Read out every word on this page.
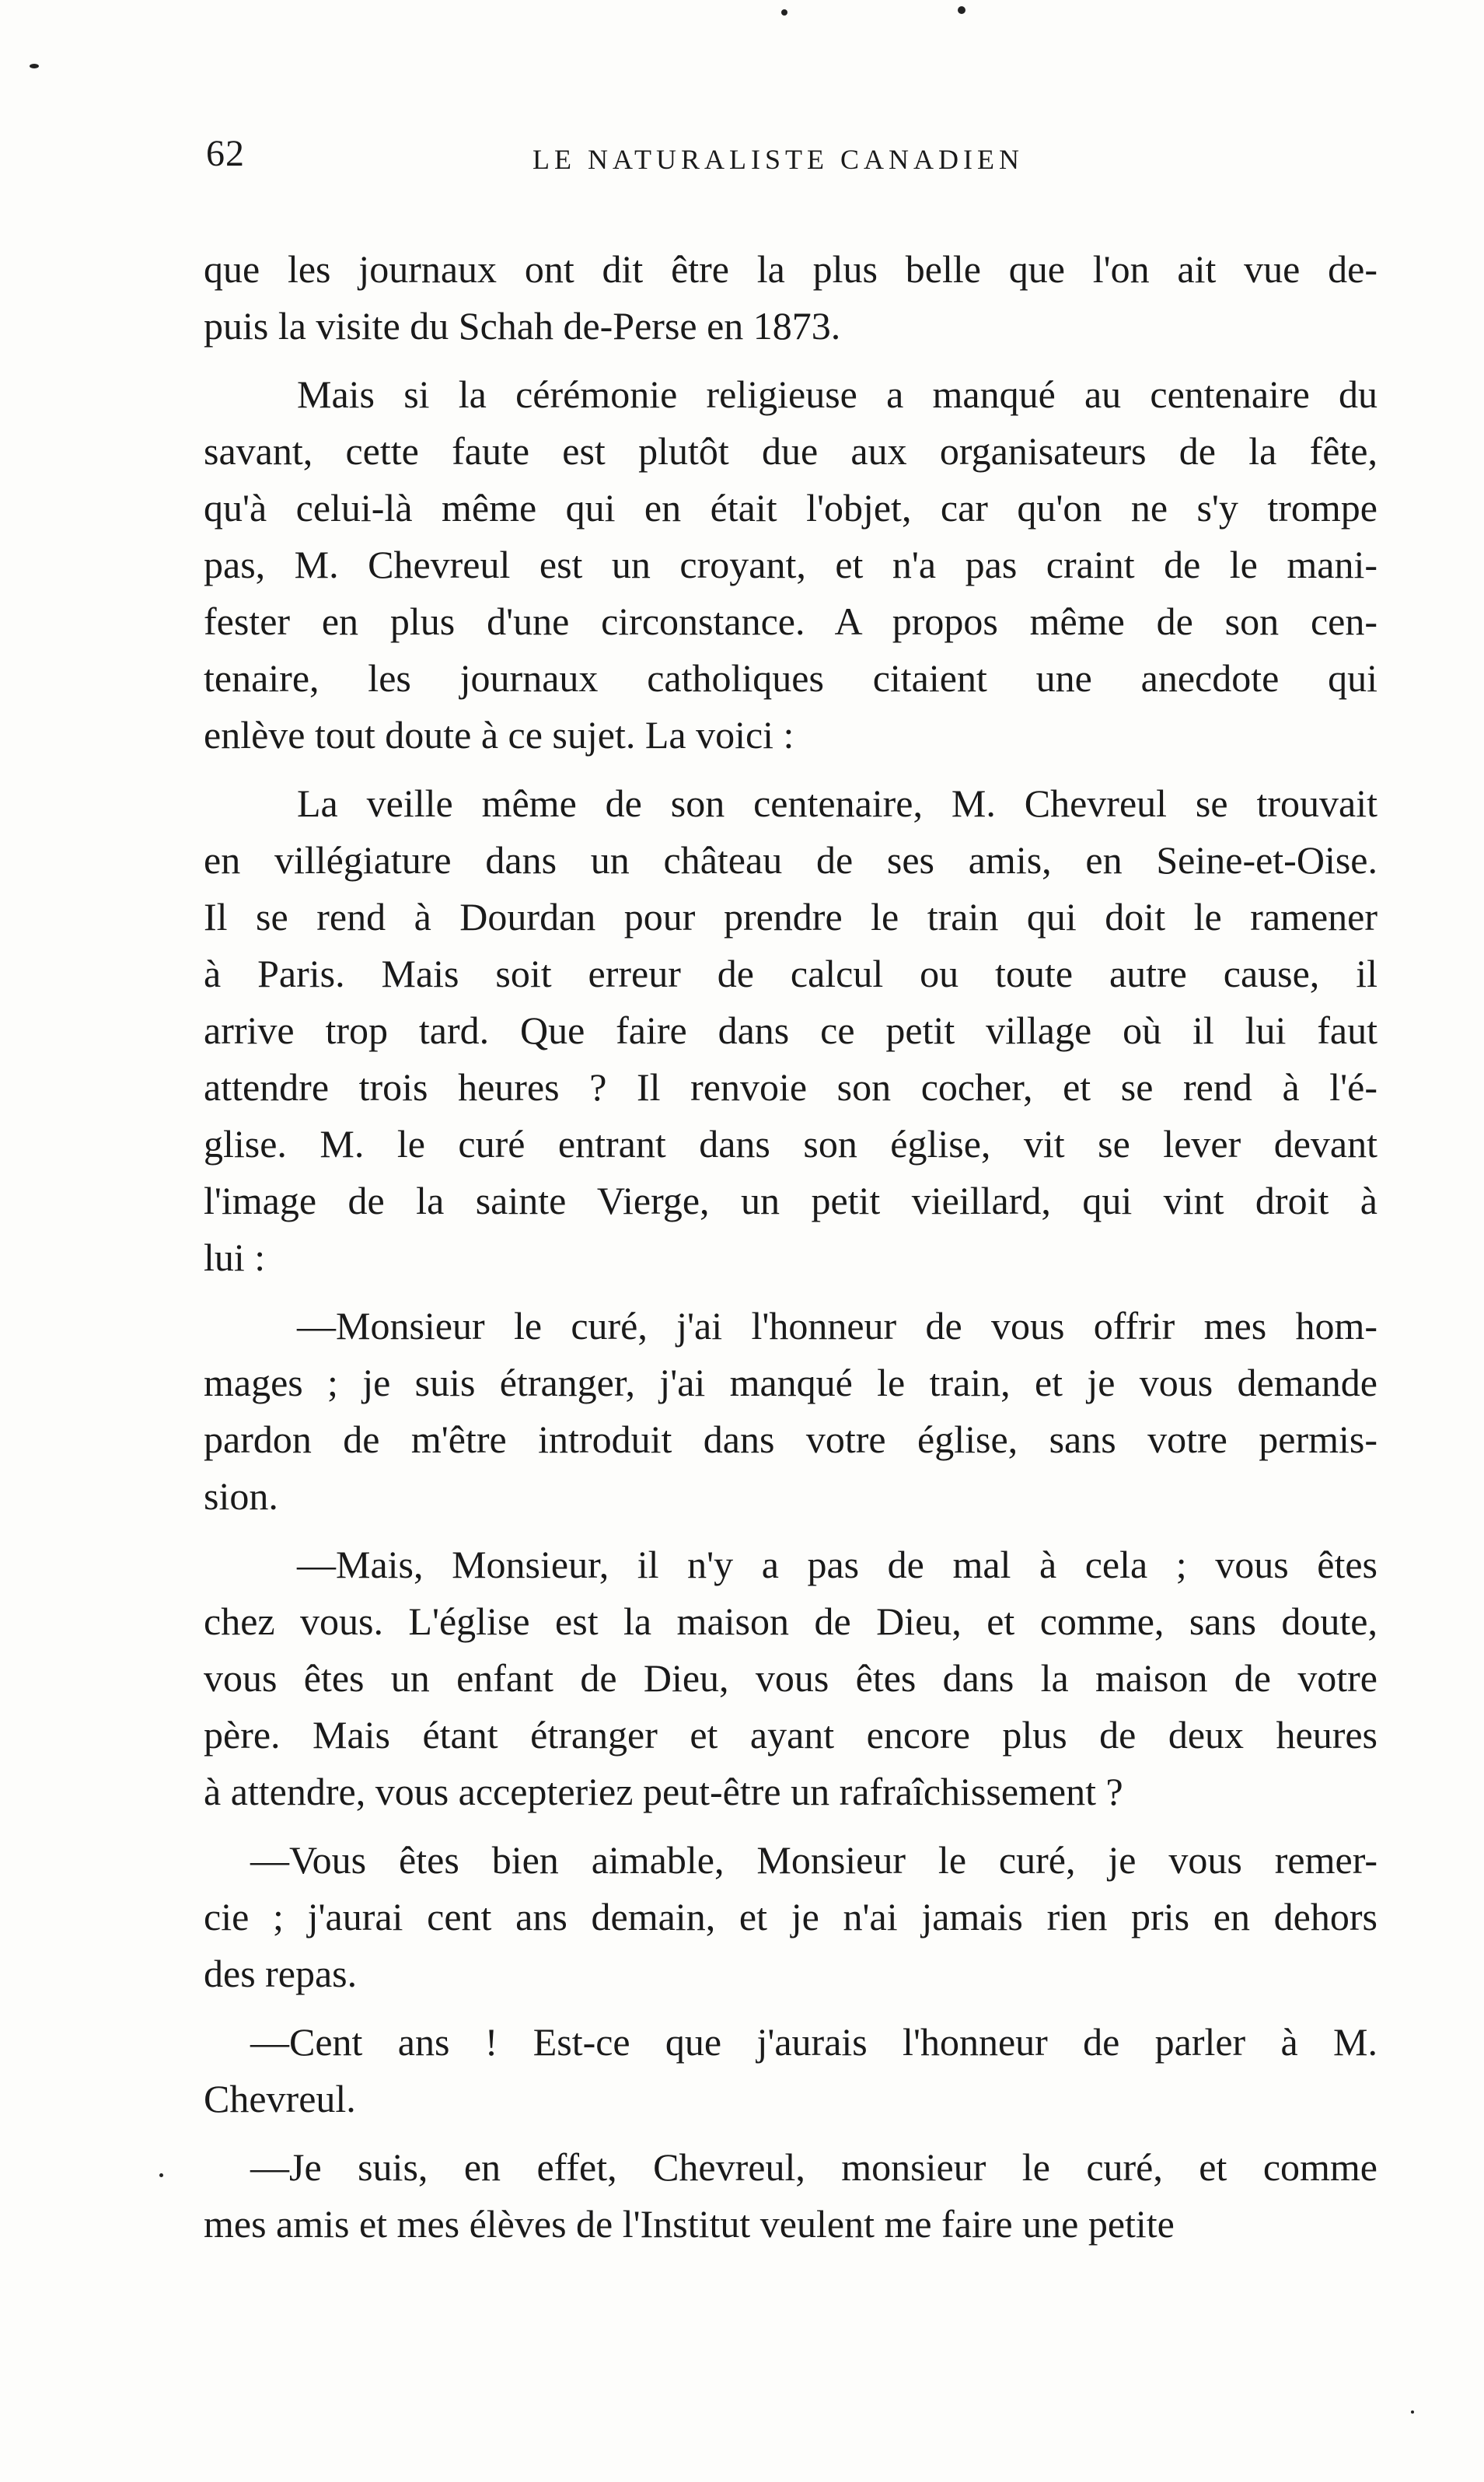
62	LE NATURALISTE CANADIEN
que les journaux ont dit être la plus belle que l'on ait vue de-
puis la visite du Schah de-Perse en 1873.
Mais si la cérémonie religieuse a manqué au centenaire du
savant, cette faute est plutôt due aux organisateurs de la fête,
qu'à celui-là même qui en était l'objet, car qu'on ne s'y trompe
pas, M. Chevreul est un croyant, et n'a pas craint de le mani-
fester en plus d'une circonstance. A propos même de son cen-
tenaire, les journaux catholiques citaient une anecdote qui
enlève tout doute à ce sujet. La voici :
La veille même de son centenaire, M. Chevreul se trouvait
en villégiature dans un château de ses amis, en Seine-et-Oise.
Il se rend à Dourdan pour prendre le train qui doit le ramener
à Paris. Mais soit erreur de calcul ou toute autre cause, il
arrive trop tard. Que faire dans ce petit village où il lui faut
attendre trois heures ? Il renvoie son cocher, et se rend à l'é-
glise. M. le curé entrant dans son église, vit se lever devant
l'image de la sainte Vierge, un petit vieillard, qui vint droit à
lui :
—Monsieur le curé, j'ai l'honneur de vous offrir mes hom-
mages ; je suis étranger, j'ai manqué le train, et je vous demande
pardon de m'être introduit dans votre église, sans votre permis-
sion.
—Mais, Monsieur, il n'y a pas de mal à cela ; vous êtes
chez vous. L'église est la maison de Dieu, et comme, sans doute,
vous êtes un enfant de Dieu, vous êtes dans la maison de votre
père. Mais étant étranger et ayant encore plus de deux heures
à attendre, vous accepteriez peut-être un rafraîchissement ?
—Vous êtes bien aimable, Monsieur le curé, je vous remer-
cie ; j'aurai cent ans demain, et je n'ai jamais rien pris en dehors
des repas.
—Cent ans ! Est-ce que j'aurais l'honneur de parler à M.
Chevreul.
—Je suis, en effet, Chevreul, monsieur le curé, et comme
mes amis et mes élèves de l'Institut veulent me faire une petite
